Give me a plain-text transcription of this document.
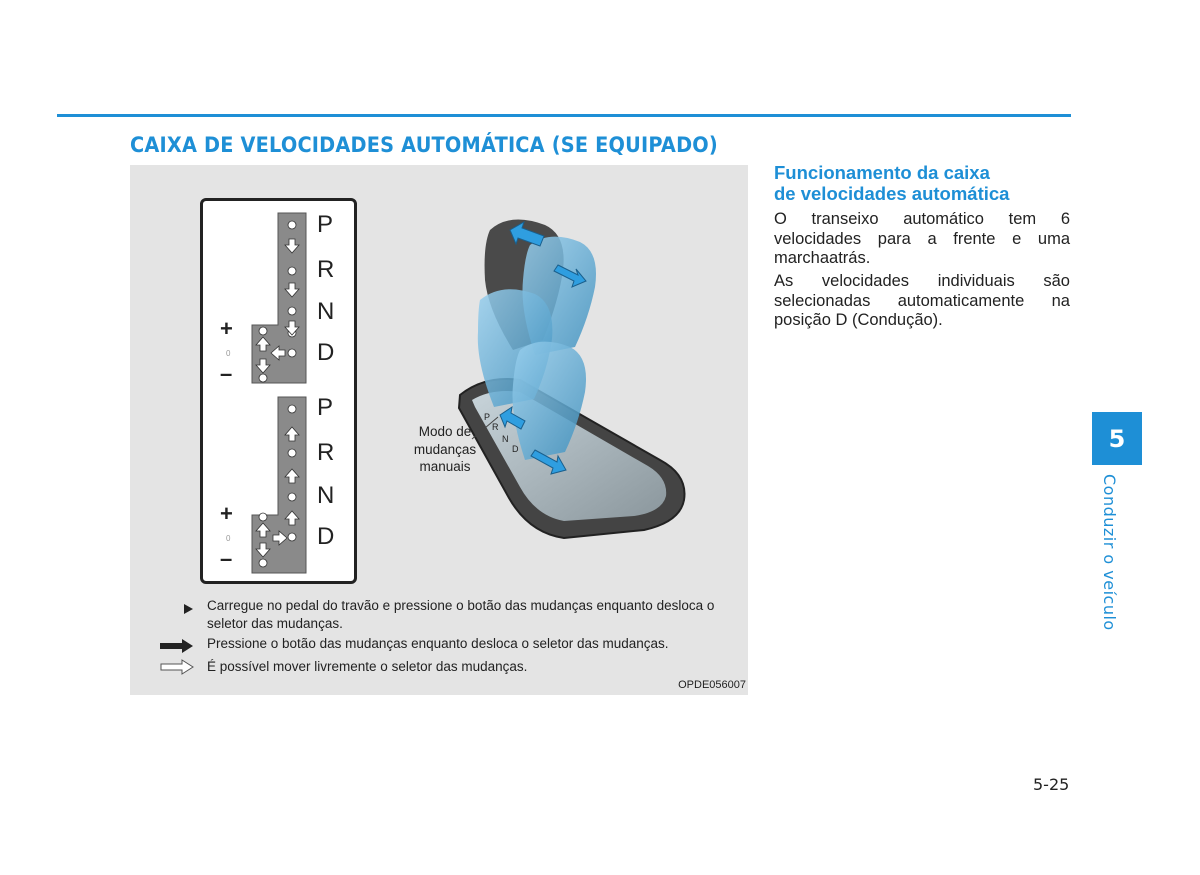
CAIXA DE VELOCIDADES AUTOMÁTICA (SE EQUIPADO)
P
R
N
D
+
0
–
P
R
N
D
+
0
–
P
R
N
D
Modo de
mudanças
manuais
Carregue no pedal do travão e pressione o botão das mudanças enquanto desloca o seletor das mudanças.
Pressione o botão das mudanças enquanto desloca o seletor das mudanças.
É possível mover livremente o seletor das mudanças.
OPDE056007
Funcionamento da caixa
de velocidades automática
O transeixo automático tem 6 velocidades para a frente e uma marchaatrás.
As velocidades individuais são selecionadas automaticamente na posição D (Condução).
5
Conduzir o veículo
5-25
